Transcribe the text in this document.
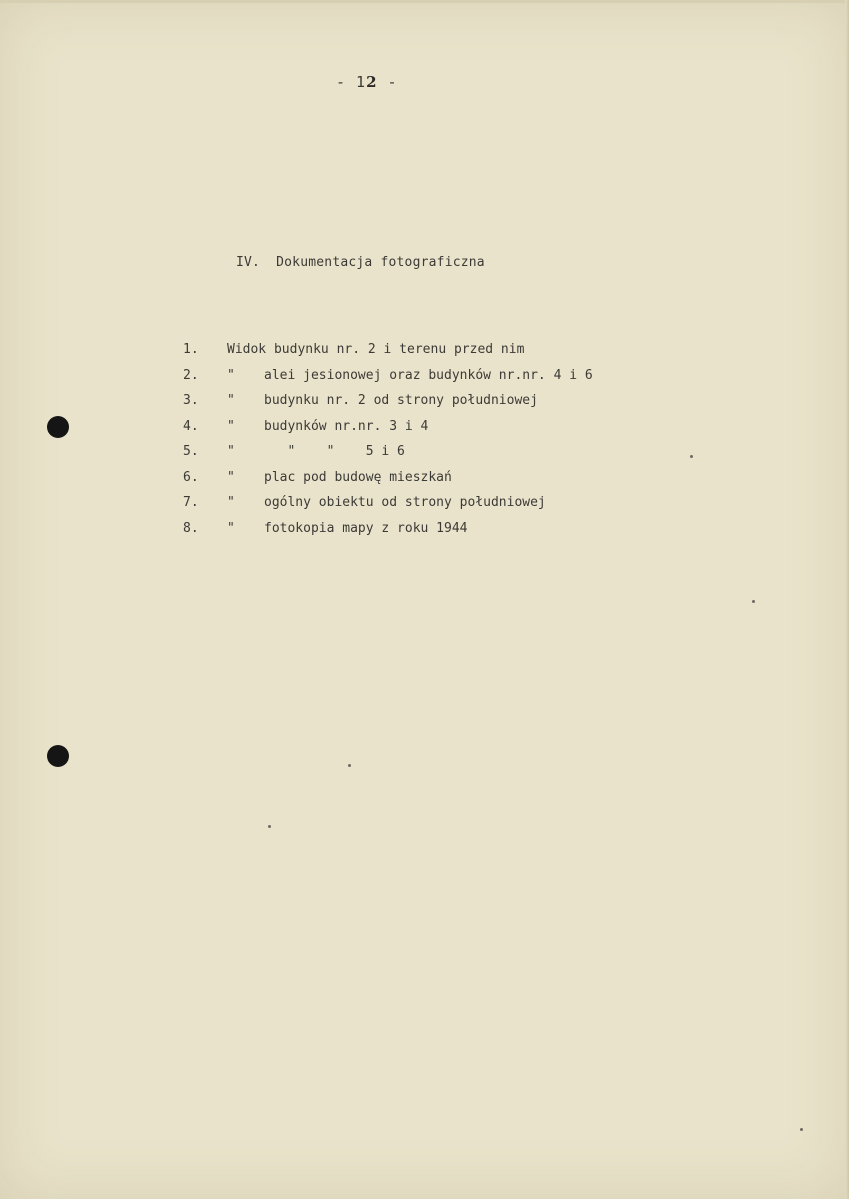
- 12 -
IV.  Dokumentacja fotograficzna
1. Widok budynku nr. 2 i terenu przed nim
2. " alei jesionowej oraz budynków nr.nr. 4 i 6
3. " budynku nr. 2 od strony południowej
4. " budynków nr.nr. 3 i 4
5. "   "    "    5 i 6
6. " plac pod budowę mieszkań
7. " ogólny obiektu od strony południowej
8. " fotokopia mapy z roku 1944
